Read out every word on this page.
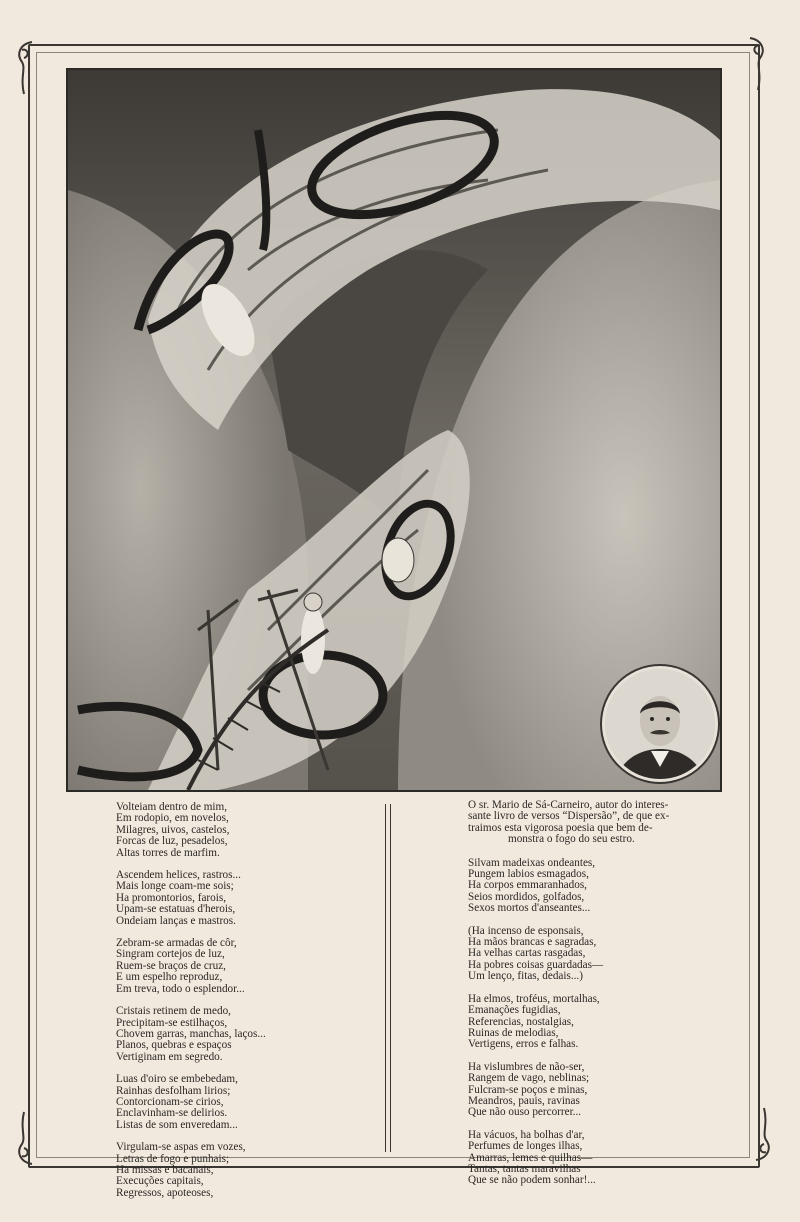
Volteiam dentro de mim,
Em rodopio, em novelos,
Milagres, uivos, castelos,
Forcas de luz, pesadelos,
Altas torres de marfim.
Ascendem helices, rastros...
Mais longe coam-me sois;
Ha promontorios, farois,
Upam-se estatuas d'herois,
Ondeiam lanças e mastros.
Zebram-se armadas de côr,
Singram cortejos de luz,
Ruem-se braços de cruz,
E um espelho reproduz,
Em treva, todo o esplendor...
Cristais retinem de medo,
Precipitam-se estilhaços,
Chovem garras, manchas, laços...
Planos, quebras e espaços
Vertiginam em segredo.
Luas d'oiro se embebedam,
Rainhas desfolham lirios;
Contorcionam-se cirios,
Enclavinham-se delirios.
Listas de som enveredam...
Virgulam-se aspas em vozes,
Letras de fogo e punhais;
Ha missas e bacanais,
Execuções capitais,
Regressos, apoteoses,
O sr. Mario de Sá-Carneiro, autor do interes-
sante livro de versos “Dispersão”, de que ex-
traimos esta vigorosa poesia que bem de-
monstra o fogo do seu estro.
Silvam madeixas ondeantes,
Pungem labios esmagados,
Ha corpos emmaranhados,
Seios mordidos, golfados,
Sexos mortos d'anseantes...
(Ha incenso de esponsais,
Ha mãos brancas e sagradas,
Ha velhas cartas rasgadas,
Ha pobres coisas guardadas—
Um lenço, fitas, dedais...)
Ha elmos, troféus, mortalhas,
Emanações fugidias,
Referencias, nostalgias,
Ruinas de melodias,
Vertigens, erros e falhas.
Ha vislumbres de não-ser,
Rangem de vago, neblinas;
Fulcram-se poços e minas,
Meandros, pauis, ravinas
Que não ouso percorrer...
Ha vácuos, ha bolhas d'ar,
Perfumes de longes ilhas,
Amarras, lemes e quilhas—
Tantas, tantas maravilhas
Que se não podem sonhar!...
